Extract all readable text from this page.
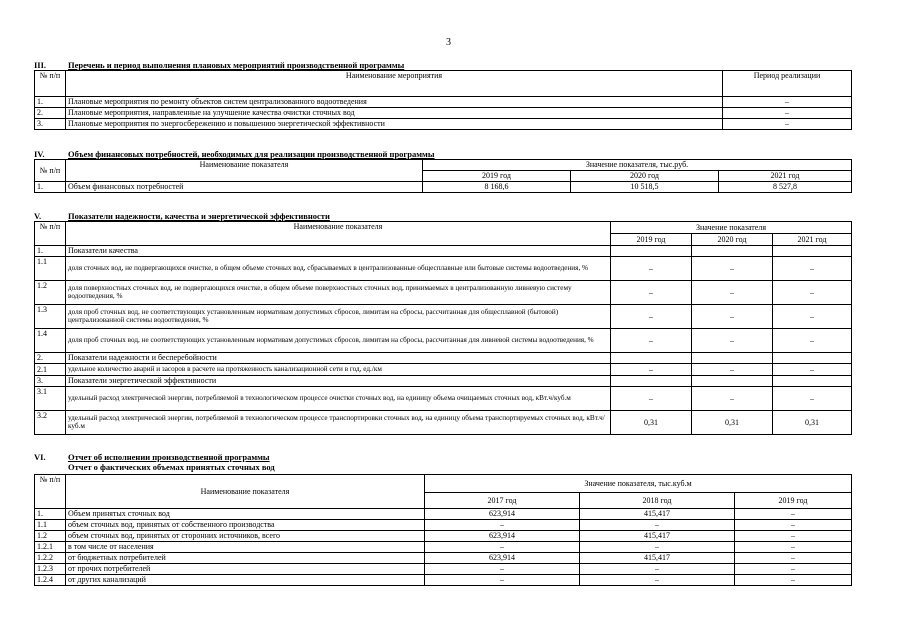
3
III.	Перечень и период выполнения плановых мероприятий производственной программы
№ п/п	Наименование мероприятия	Период реализации
1.	Плановые мероприятия по ремонту объектов систем централизованного водоотведения	–
2.	Плановые мероприятия, направленные на улучшение качества очистки сточных вод	–
3.	Плановые мероприятия по энергосбережению и повышению энергетической эффективности	–
IV.	Объем финансовых потребностей, необходимых для реализации производственной программы
№ п/п	Наименование показателя	Значение показателя, тыс.руб.		
		2019 год	2020 год	2021 год
1.	Объем финансовых потребностей	8 168,6	10 518,5	8 527,8
V.	Показатели надежности, качества и энергетической эффективности
№ п/п	Наименование показателя	Значение показателя		
		2019 год	2020 год	2021 год
1.	Показатели качества			
1.1	доля сточных вод, не подвергающихся очистке, в общем объеме сточных вод, сбрасываемых в централизованные общесплавные или бытовые системы водоотведения, %	–	–	–
1.2	доля поверхностных сточных вод, не подвергающихся очистке, в общем объеме поверхностных сточных вод, принимаемых в централизованную ливневую систему водоотведения, %	–	–	–
1.3	доля проб сточных вод, не соответствующих установленным нормативам допустимых сбросов, лимитам на сбросы, рассчитанная для общесплавной (бытовой) централизованной системы водоотведения, %	–	–	–
1.4	доля проб сточных вод, не соответствующих установленным нормативам допустимых сбросов, лимитам на сбросы, рассчитанная для ливневой системы водоотведения, %	–	–	–
2.	Показатели надежности и бесперебойности			
2.1	удельное количество аварий и засоров в расчете на протяженность канализационной сети в год, ед./км	–	–	–
3.	Показатели энергетической эффективности			
3.1	удельный расход электрической энергии, потребляемой в технологическом процессе очистки сточных вод, на единицу объема очищаемых сточных вод, кВт.ч/куб.м	–	–	–
3.2	удельный расход электрической энергии, потребляемой в технологическом процессе транспортировки сточных вод, на единицу объема транспортируемых сточных вод, кВт.ч/куб.м	0,31	0,31	0,31
VI.	Отчет об исполнении производственной программы
Отчет о фактических объемах принятых сточных вод
№ п/п	Наименование показателя	Значение показателя, тыс.куб.м		
		2017 год	2018 год	2019 год
1.	Объем принятых сточных вод	623,914	415,417	–
1.1	объем сточных вод, принятых от собственного производства	–	–	–
1.2	объем сточных вод, принятых от сторонних источников, всего	623,914	415,417	–
1.2.1	в том числе от населения	–	–	–
1.2.2	от бюджетных потребителей	623,914	415,417	–
1.2.3	от прочих потребителей	–	–	–
1.2.4	от других канализаций	–	–	–
